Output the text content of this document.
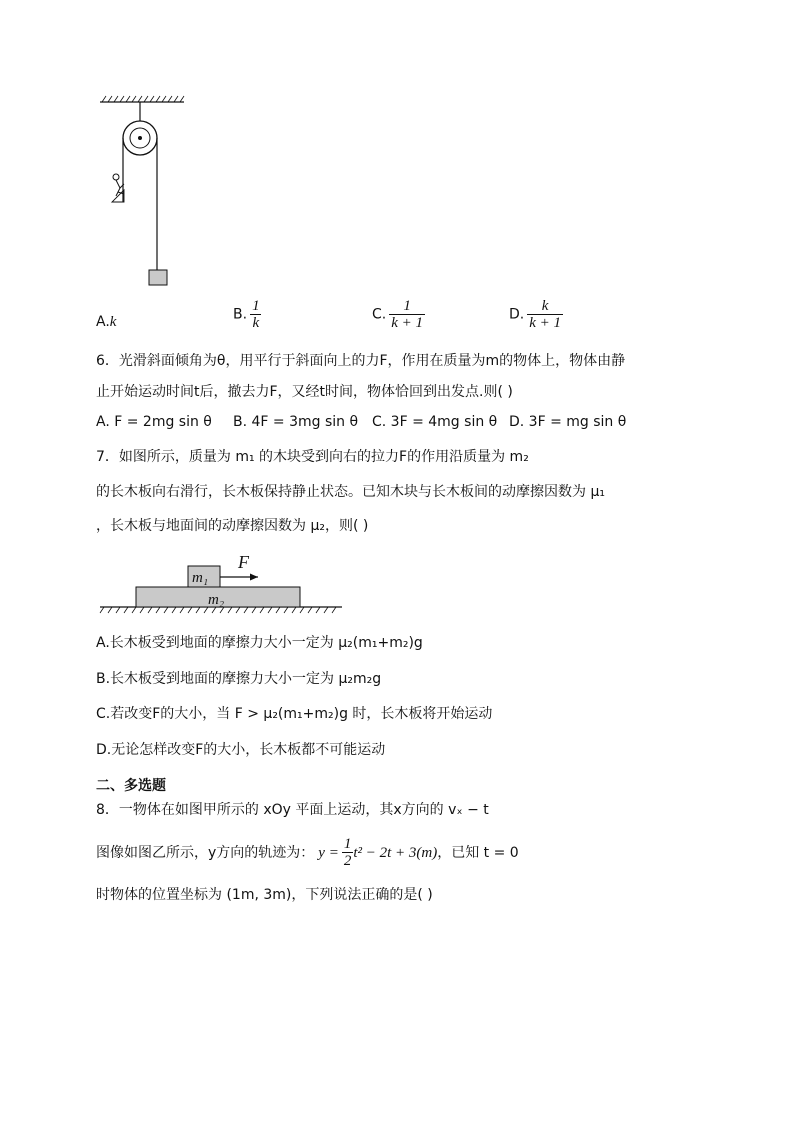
A.k	B. $\frac{1}{k}$	C. $\frac{1}{k + 1}$	D. $\frac{k}{k + 1}$
6．光滑斜面倾角为θ，用平行于斜面向上的力F，作用在质量为m的物体上，物体由静
止开始运动时间t后，撤去力F，又经t时间，物体恰回到出发点.则( )
A. F = 2mg sin θ B. 4F = 3mg sin θ C. 3F = 4mg sin θ D. 3F = mg sin θ
7．如图所示，质量为 m₁ 的木块受到向右的拉力F的作用沿质量为 m₂
的长木板向右滑行，长木板保持静止状态。已知木块与长木板间的动摩擦因数为 μ₁
，长木板与地面间的动摩擦因数为 μ₂，则( )
F
m₁
m₂
A.长木板受到地面的摩擦力大小一定为 μ₂(m₁+m₂)g
B.长木板受到地面的摩擦力大小一定为 μ₂m₂g
C.若改变F的大小，当 F > μ₂(m₁+m₂)g 时，长木板将开始运动
D.无论怎样改变F的大小，长木板都不可能运动
二、多选题
8．一物体在如图甲所示的 xOy 平面上运动，其x方向的 vₓ − t
图像如图乙所示，y方向的轨迹为： $y = \frac{1}{2} t^2 - 2t + 3(m)$ ，已知 t = 0
时物体的位置坐标为 (1m, 3m)，下列说法正确的是( )
